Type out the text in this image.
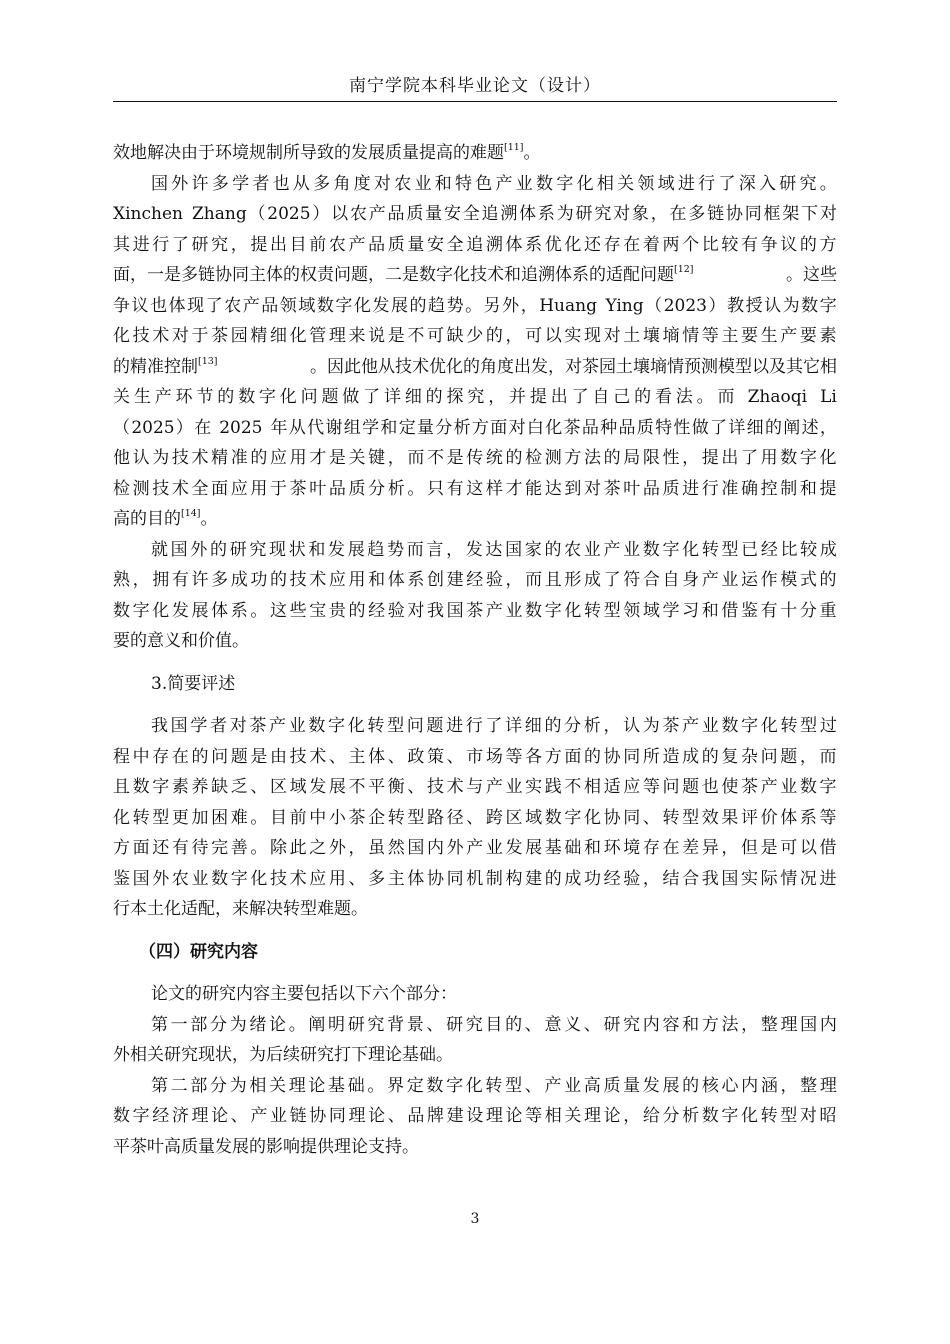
南宁学院本科毕业论文（设计）
效地解决由于环境规制所导致的发展质量提高的难题[11]。
国 外 许 多 学 者 也 从 多 角 度 对 农 业 和 特 色 产 业 数 字 化 相 关 领 域 进 行 了 深 入 研 究 。
Xinchen
Zhang （ 2025 ） 以 农 产 品 质 量 安 全 追 溯 体 系 为 研 究 对 象 ， 在 多 链 协 同 框 架 下 对
其 进 行 了 研 究 ， 提 出 目 前 农 产 品 质 量 安 全 追 溯 体 系 优 化 还 存 在 着 两 个 比 较 有 争 议 的 方
面，一是多链协同主体的权责问题，二是数字化技术和追溯体系的适配问题[12]	。这些
争 议 也 体 现 了 农 产 品 领 域 数 字 化 发 展 的 趋 势 。 另 外 ， Huang
Ying （ 2023 ） 教 授 认 为 数 字
化 技 术 对 于 茶 园 精 细 化 管 理 来 说 是 不 可 缺 少 的 ， 可 以 实 现 对 土 壤 墒 情 等 主 要 生 产 要 素
的精准控制[13]	。因此他从技术优化的角度出发，对茶园土壤墒情预测模型以及其它相
关 生 产 环 节 的 数 字 化 问 题 做 了 详 细 的 探 究 ， 并 提 出 了 自 己 的 看 法 。 而
Zhaoqi
Li
（ 2025 ） 在
2025
年 从 代 谢 组 学 和 定 量 分 析 方 面 对 白 化 茶 品 种 品 质 特 性 做 了 详 细 的 阐 述 ，
他 认 为 技 术 精 准 的 应 用 才 是 关 键 ， 而 不 是 传 统 的 检 测 方 法 的 局 限 性 ， 提 出 了 用 数 字 化
检 测 技 术 全 面 应 用 于 茶 叶 品 质 分 析 。 只 有 这 样 才 能 达 到 对 茶 叶 品 质 进 行 准 确 控 制 和 提
高的目的[14]。
就 国 外 的 研 究 现 状 和 发 展 趋 势 而 言 ， 发 达 国 家 的 农 业 产 业 数 字 化 转 型 已 经 比 较 成
熟 ， 拥 有 许 多 成 功 的 技 术 应 用 和 体 系 创 建 经 验 ， 而 且 形 成 了 符 合 自 身 产 业 运 作 模 式 的
数 字 化 发 展 体 系 。 这 些 宝 贵 的 经 验 对 我 国 茶 产 业 数 字 化 转 型 领 域 学 习 和 借 鉴 有 十 分 重
要的意义和价值。
3.简要评述
我 国 学 者 对 茶 产 业 数 字 化 转 型 问 题 进 行 了 详 细 的 分 析 ， 认 为 茶 产 业 数 字 化 转 型 过
程 中 存 在 的 问 题 是 由 技 术 、 主 体 、 政 策 、 市 场 等 各 方 面 的 协 同 所 造 成 的 复 杂 问 题 ， 而
且 数 字 素 养 缺 乏 、 区 域 发 展 不 平 衡 、 技 术 与 产 业 实 践 不 相 适 应 等 问 题 也 使 茶 产 业 数 字
化 转 型 更 加 困 难 。 目 前 中 小 茶 企 转 型 路 径 、 跨 区 域 数 字 化 协 同 、 转 型 效 果 评 价 体 系 等
方 面 还 有 待 完 善 。 除 此 之 外 ， 虽 然 国 内 外 产 业 发 展 基 础 和 环 境 存 在 差 异 ， 但 是 可 以 借
鉴 国 外 农 业 数 字 化 技 术 应 用 、 多 主 体 协 同 机 制 构 建 的 成 功 经 验 ， 结 合 我 国 实 际 情 况 进
行本土化适配，来解决转型难题。
（四）研究内容
论文的研究内容主要包括以下六个部分：
第 一 部 分 为 绪 论 。 阐 明 研 究 背 景 、 研 究 目 的 、 意 义 、 研 究 内 容 和 方 法 ， 整 理 国 内
外相关研究现状，为后续研究打下理论基础。
第 二 部 分 为 相 关 理 论 基 础 。 界 定 数 字 化 转 型 、 产 业 高 质 量 发 展 的 核 心 内 涵 ， 整 理
数 字 经 济 理 论 、 产 业 链 协 同 理 论 、 品 牌 建 设 理 论 等 相 关 理 论 ， 给 分 析 数 字 化 转 型 对 昭
平茶叶高质量发展的影响提供理论支持。
3
